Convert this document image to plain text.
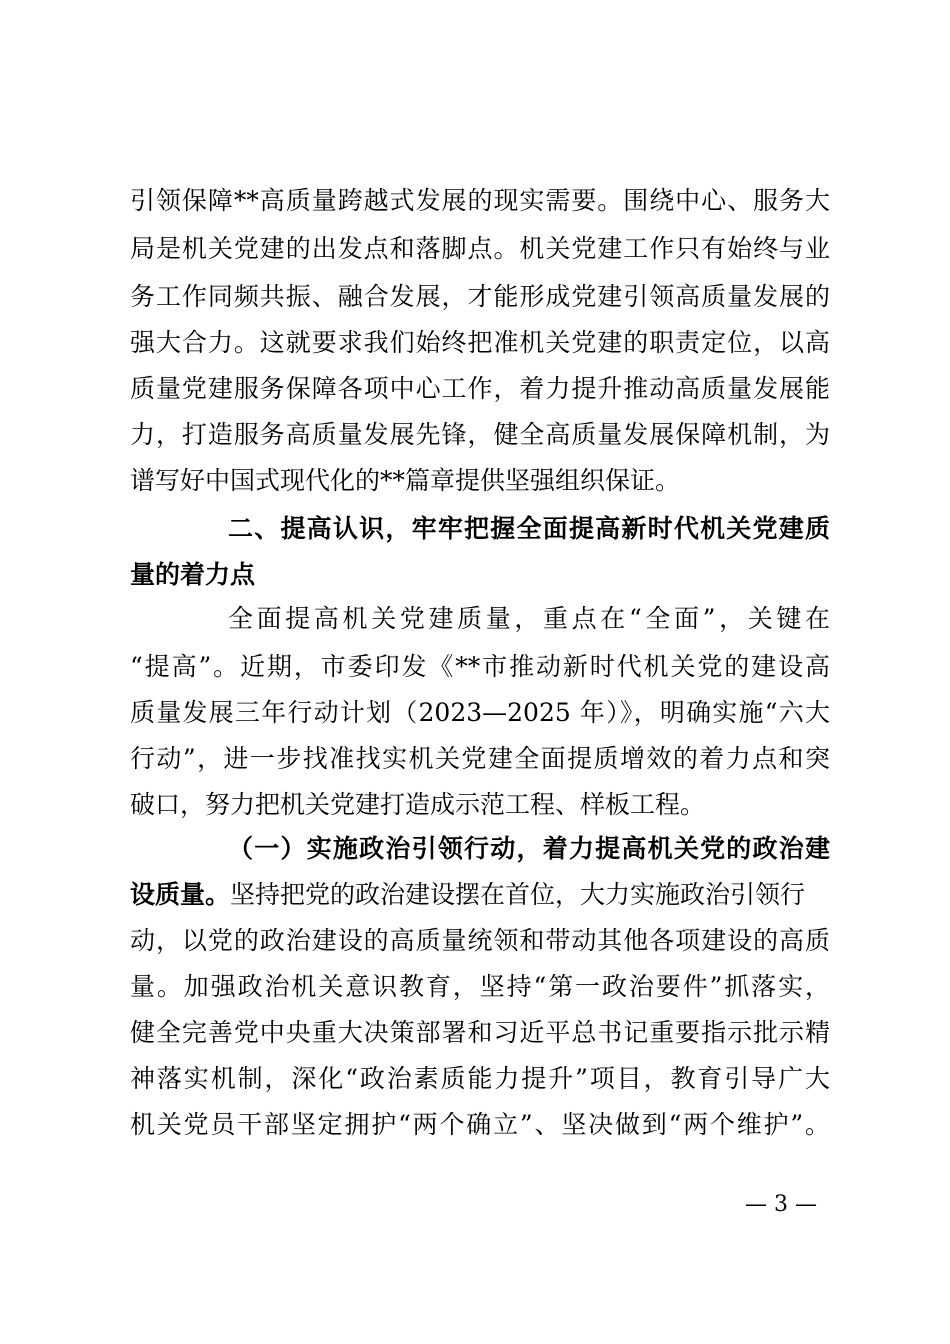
引领保障**高质量跨越式发展的现实需要。围绕中心、服务大
局是机关党建的出发点和落脚点。机关党建工作只有始终与业
务工作同频共振、融合发展，才能形成党建引领高质量发展的
强大合力。这就要求我们始终把准机关党建的职责定位，以高
质量党建服务保障各项中心工作，着力提升推动高质量发展能
力，打造服务高质量发展先锋，健全高质量发展保障机制，为
谱写好中国式现代化的**篇章提供坚强组织保证。
二、提高认识，牢牢把握全面提高新时代机关党建质
量的着力点
全面提高机关党建质量，重点在“全面”，关键在
“提高”。近期，市委印发《**市推动新时代机关党的建设高
质量发展三年行动计划（2023—2025 年）》，明确实施“六大
行动”，进一步找准找实机关党建全面提质增效的着力点和突
破口，努力把机关党建打造成示范工程、样板工程。
（一）实施政治引领行动，着力提高机关党的政治建
设质量。坚持把党的政治建设摆在首位，大力实施政治引领行
动，以党的政治建设的高质量统领和带动其他各项建设的高质
量。加强政治机关意识教育，坚持“第一政治要件”抓落实，
健全完善党中央重大决策部署和习近平总书记重要指示批示精
神落实机制，深化“政治素质能力提升”项目，教育引导广大
机关党员干部坚定拥护“两个确立”、坚决做到“两个维护”。
— 3 —
